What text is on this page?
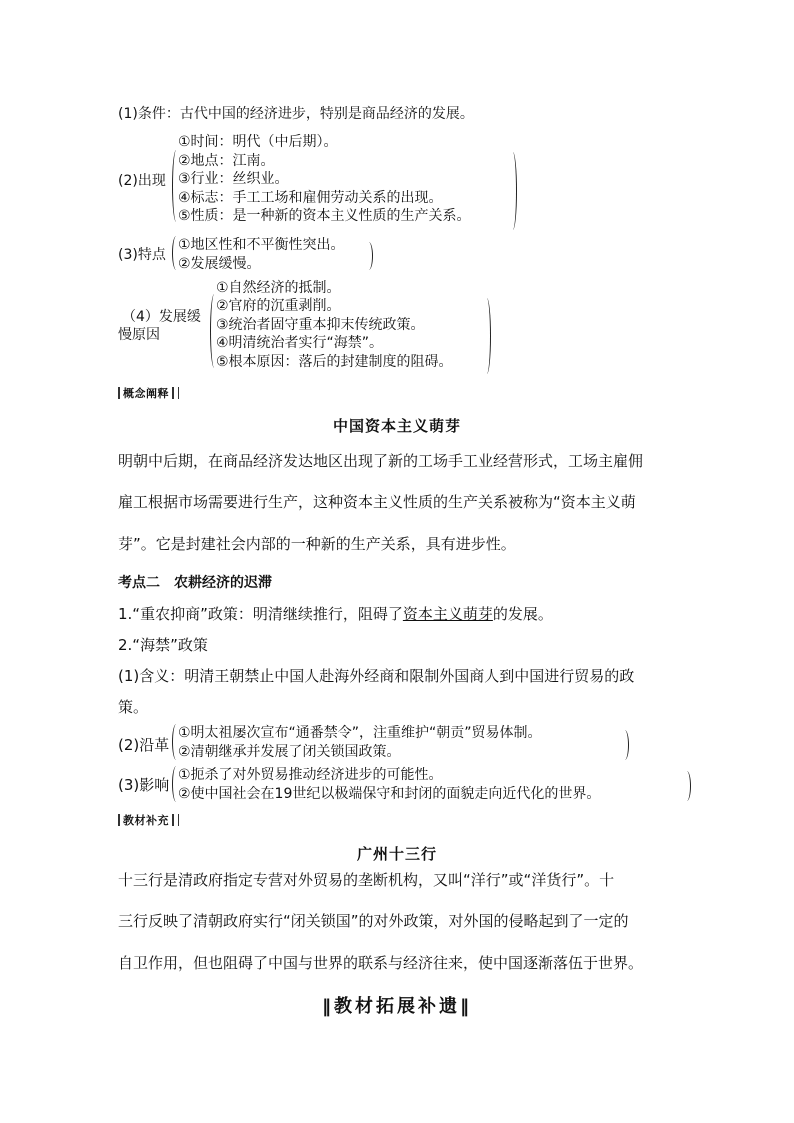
(1)条件：古代中国的经济进步，特别是商品经济的发展。
(2)出现
①时间：明代（中后期）。
②地点：江南。
③行业：丝织业。
④标志：手工工场和雇佣劳动关系的出现。
⑤性质：是一种新的资本主义性质的生产关系。
(3)特点
①地区性和不平衡性突出。
②发展缓慢。
（4）发展缓
慢原因
①自然经济的抵制。
②官府的沉重剥削。
③统治者固守重本抑末传统政策。
④明清统治者实行“海禁”。
⑤根本原因：落后的封建制度的阻碍。
概念阐释
中国资本主义萌芽
明朝中后期，在商品经济发达地区出现了新的工场手工业经营形式，工场主雇佣
雇工根据市场需要进行生产，这种资本主义性质的生产关系被称为“资本主义萌
芽”。它是封建社会内部的一种新的生产关系，具有进步性。
考点二　农耕经济的迟滞
1.“重农抑商”政策：明清继续推行，阻碍了资本主义萌芽的发展。
2.“海禁”政策
(1)含义：明清王朝禁止中国人赴海外经商和限制外国商人到中国进行贸易的政
策。
(2)沿革
①明太祖屡次宣布“通番禁令”，注重维护“朝贡”贸易体制。
②清朝继承并发展了闭关锁国政策。
(3)影响
①扼杀了对外贸易推动经济进步的可能性。
②使中国社会在19世纪以极端保守和封闭的面貌走向近代化的世界。
教材补充
广州十三行
十三行是清政府指定专营对外贸易的垄断机构，又叫“洋行”或“洋货行”。十
三行反映了清朝政府实行“闭关锁国”的对外政策，对外国的侵略起到了一定的
自卫作用，但也阻碍了中国与世界的联系与经济往来，使中国逐渐落伍于世界。
‖教材拓展补遗‖
